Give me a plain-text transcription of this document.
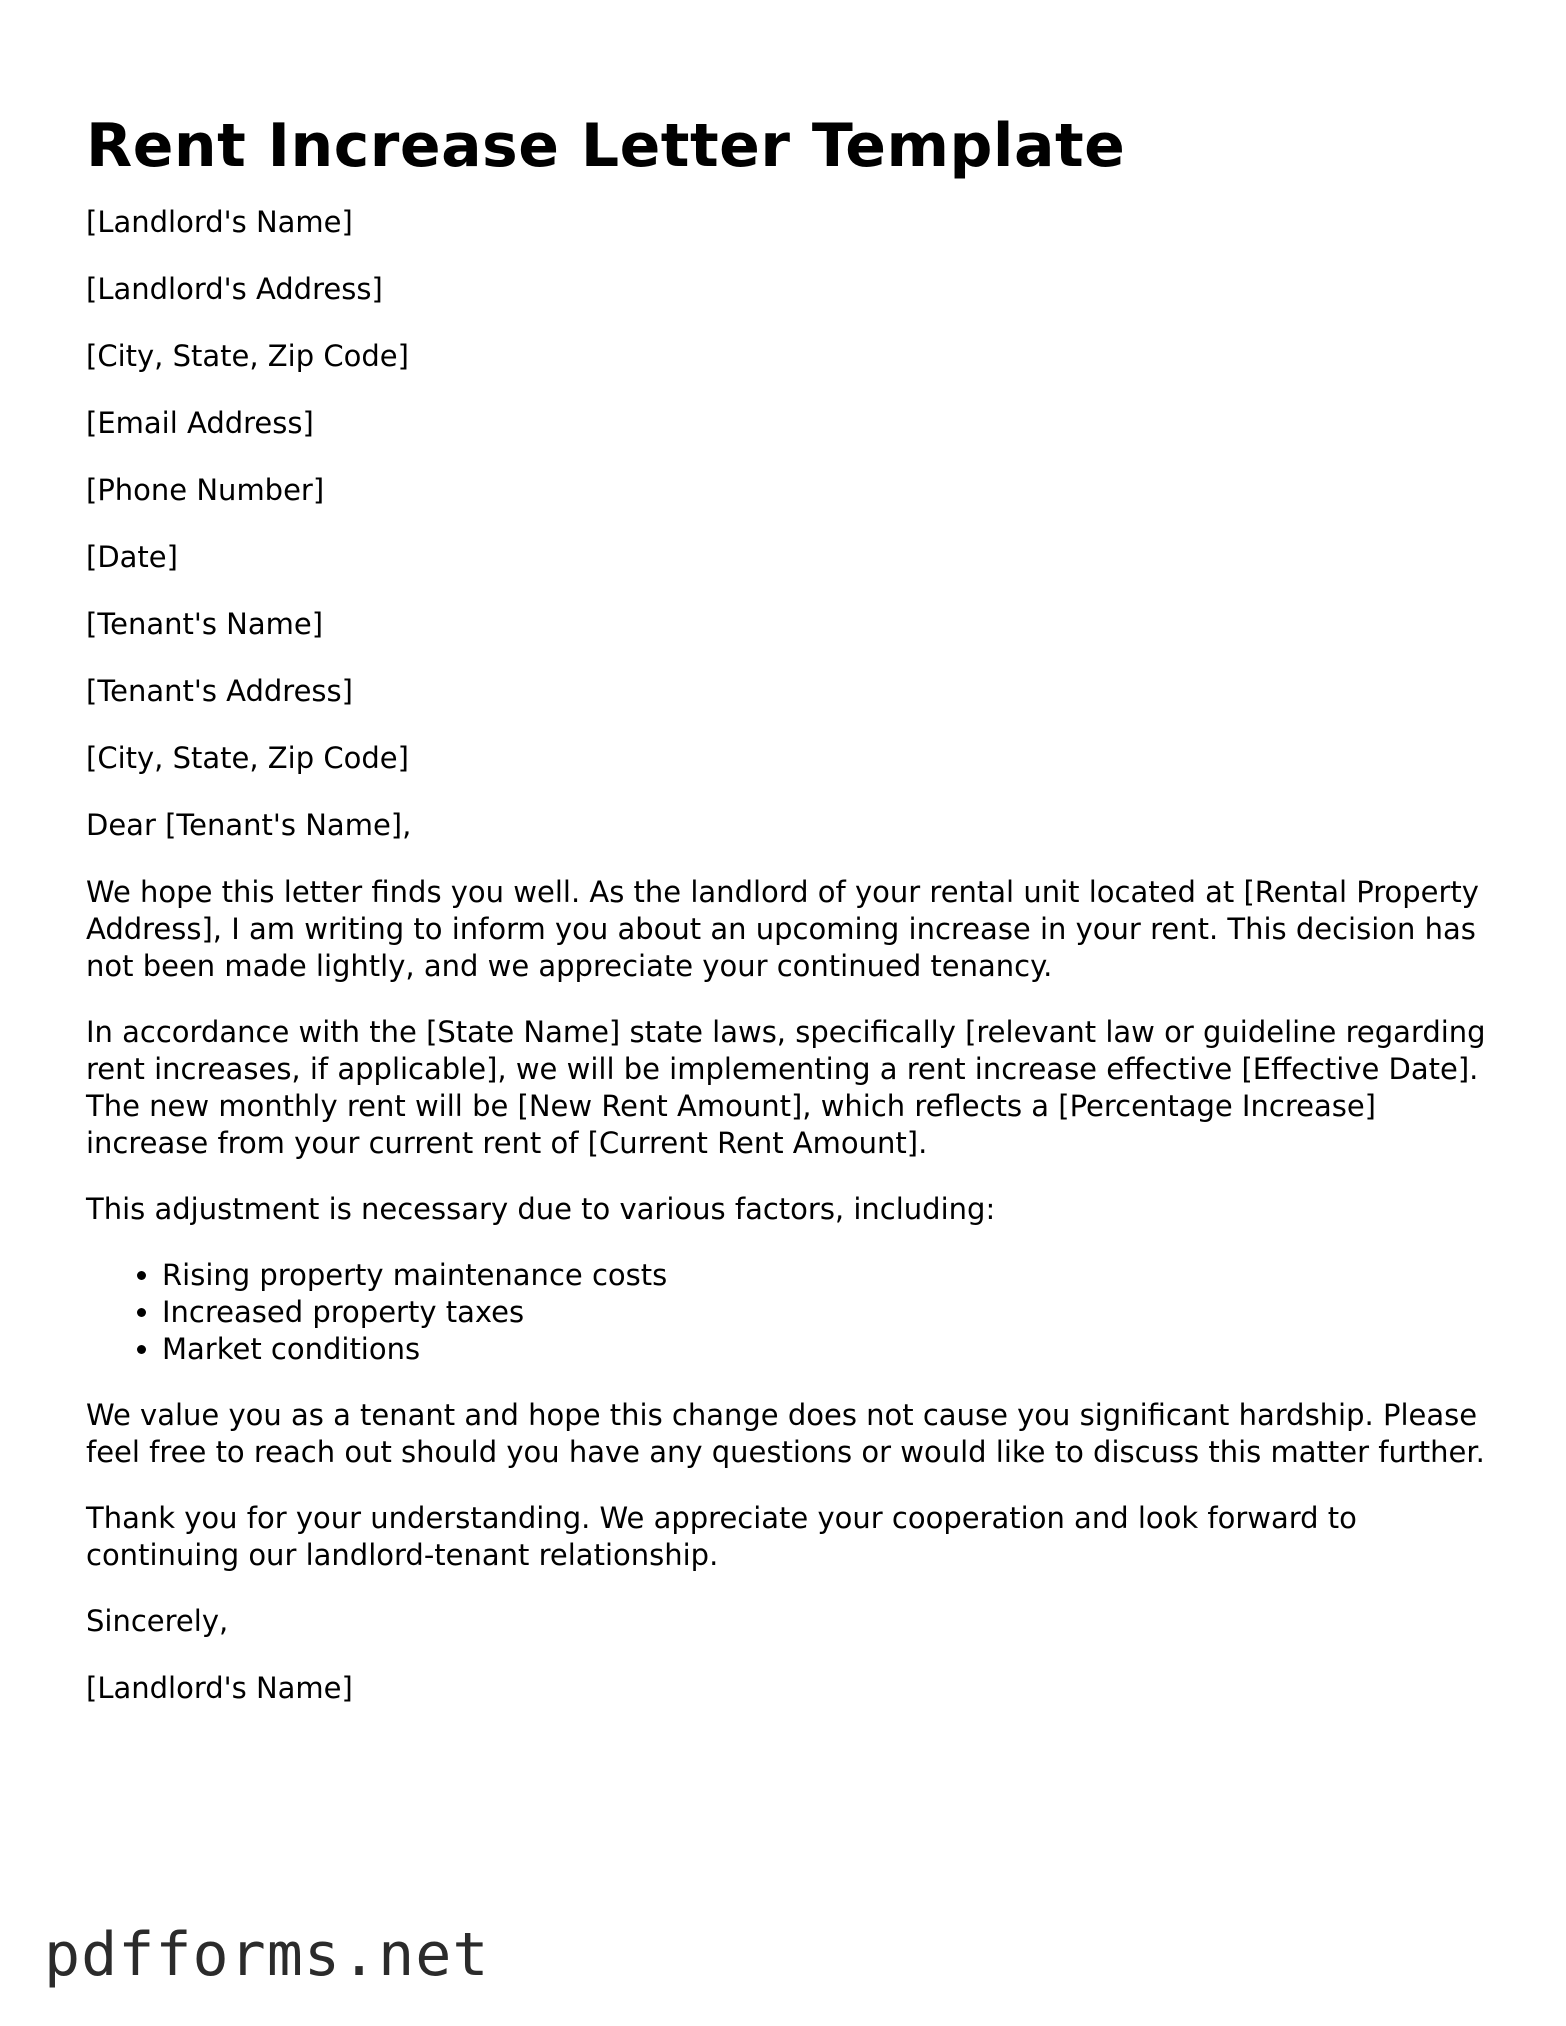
Rent Increase Letter Template
[Landlord's Name]
[Landlord's Address]
[City, State, Zip Code]
[Email Address]
[Phone Number]
[Date]
[Tenant's Name]
[Tenant's Address]
[City, State, Zip Code]
Dear [Tenant's Name],

We hope this letter finds you well. As the landlord of your rental unit located at [Rental Property Address], I am writing to inform you about an upcoming increase in your rent. This decision has not been made lightly, and we appreciate your continued tenancy.

In accordance with the [State Name] state laws, specifically [relevant law or guideline regarding rent increases, if applicable], we will be implementing a rent increase effective [Effective Date]. The new monthly rent will be [New Rent Amount], which reflects a [Percentage Increase] increase from your current rent of [Current Rent Amount].

This adjustment is necessary due to various factors, including:

• Rising property maintenance costs
• Increased property taxes
• Market conditions

We value you as a tenant and hope this change does not cause you significant hardship. Please feel free to reach out should you have any questions or would like to discuss this matter further.

Thank you for your understanding. We appreciate your cooperation and look forward to continuing our landlord-tenant relationship.

Sincerely,
[Landlord's Name]
pdfforms.net
